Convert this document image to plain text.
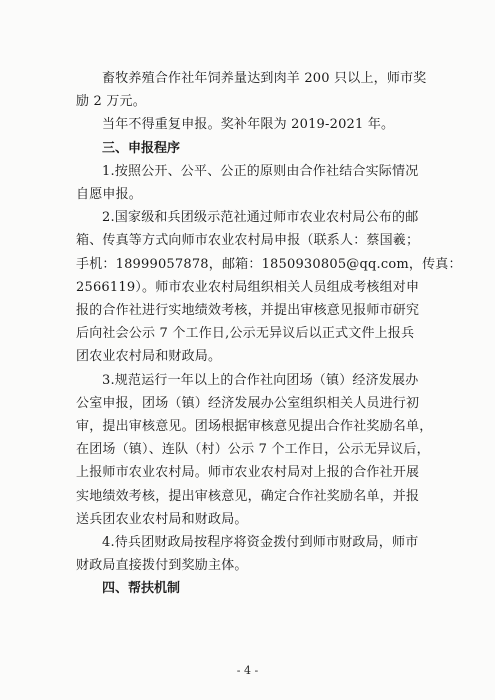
畜牧养殖合作社年饲养量达到肉羊 200 只以上，师市奖
励 2 万元。
当年不得重复申报。奖补年限为 2019-2021 年。
三、申报程序
1.按照公开、公平、公正的原则由合作社结合实际情况
自愿申报。
2.国家级和兵团级示范社通过师市农业农村局公布的邮
箱、传真等方式向师市农业农村局申报（联系人：蔡国羲；
手机：18999057878，邮箱：1850930805@qq.com，传真：
2566119）。师市农业农村局组织相关人员组成考核组对申
报的合作社进行实地绩效考核，并提出审核意见报师市研究
后向社会公示 7 个工作日,公示无异议后以正式文件上报兵
团农业农村局和财政局。
3.规范运行一年以上的合作社向团场（镇）经济发展办
公室申报，团场（镇）经济发展办公室组织相关人员进行初
审，提出审核意见。团场根据审核意见提出合作社奖励名单，
在团场（镇）、连队（村）公示 7 个工作日，公示无异议后，
上报师市农业农村局。师市农业农村局对上报的合作社开展
实地绩效考核，提出审核意见，确定合作社奖励名单，并报
送兵团农业农村局和财政局。
4.待兵团财政局按程序将资金拨付到师市财政局，师市
财政局直接拨付到奖励主体。
四、帮扶机制
- 4 -
